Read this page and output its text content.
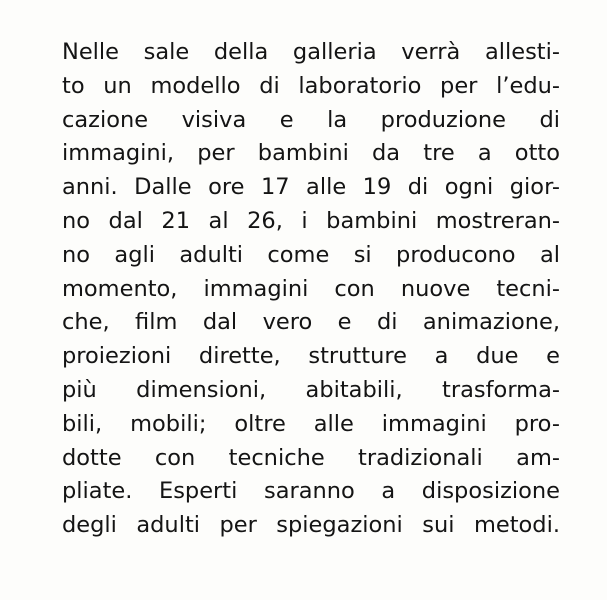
Nelle sale della galleria verrà allesti-
to un modello di laboratorio per l’edu-
cazione visiva e la produzione di
immagini, per bambini da tre a otto
anni. Dalle ore 17 alle 19 di ogni gior-
no dal 21 al 26, i bambini mostreran-
no agli adulti come si producono al
momento, immagini con nuove tecni-
che, film dal vero e di animazione,
proiezioni dirette, strutture a due e
più dimensioni, abitabili, trasforma-
bili, mobili; oltre alle immagini pro-
dotte con tecniche tradizionali am-
pliate. Esperti saranno a disposizione
degli adulti per spiegazioni sui metodi.
